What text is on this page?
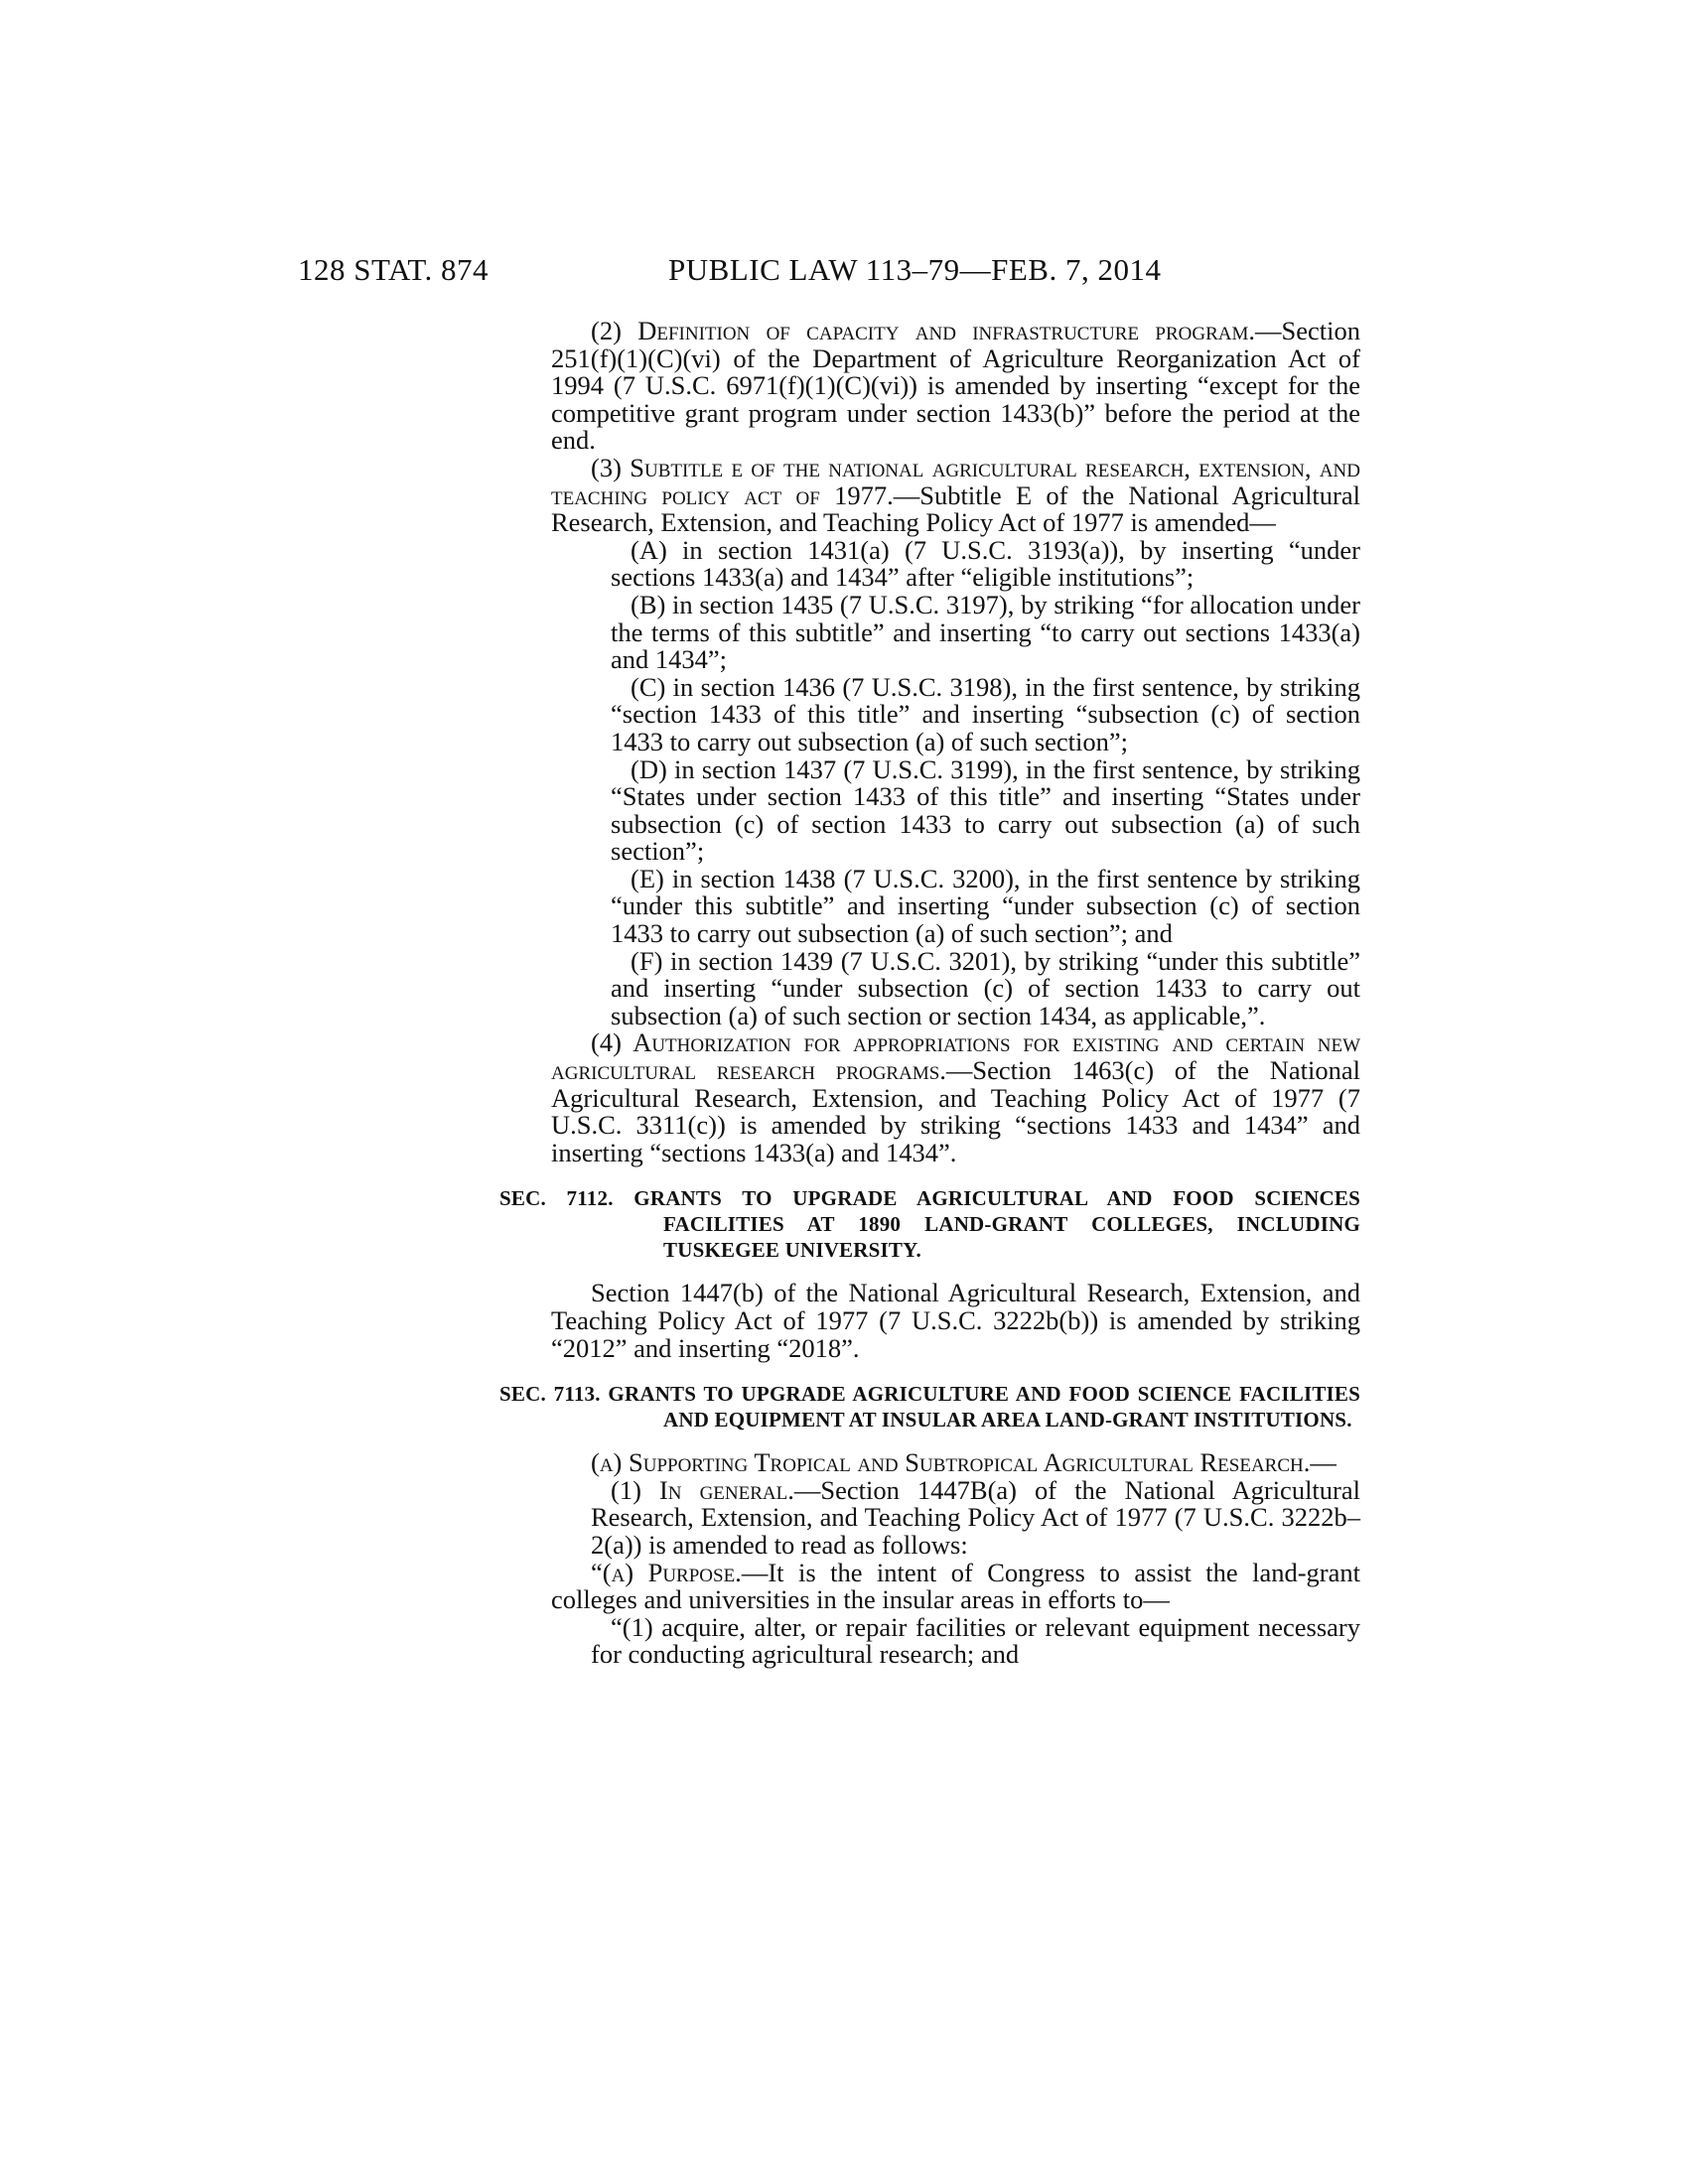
128 STAT. 874	PUBLIC LAW 113–79—FEB. 7, 2014

(2) Definition of capacity and infrastructure program.—Section 251(f)(1)(C)(vi) of the Department of Agriculture Reorganization Act of 1994 (7 U.S.C. 6971(f)(1)(C)(vi)) is amended by inserting “except for the competitive grant program under section 1433(b)” before the period at the end.

(3) Subtitle e of the national agricultural research, extension, and teaching policy act of 1977.—Subtitle E of the National Agricultural Research, Extension, and Teaching Policy Act of 1977 is amended—

(A) in section 1431(a) (7 U.S.C. 3193(a)), by inserting “under sections 1433(a) and 1434” after “eligible institutions”;

(B) in section 1435 (7 U.S.C. 3197), by striking “for allocation under the terms of this subtitle” and inserting “to carry out sections 1433(a) and 1434”;

(C) in section 1436 (7 U.S.C. 3198), in the first sentence, by striking “section 1433 of this title” and inserting “subsection (c) of section 1433 to carry out subsection (a) of such section”;

(D) in section 1437 (7 U.S.C. 3199), in the first sentence, by striking “States under section 1433 of this title” and inserting “States under subsection (c) of section 1433 to carry out subsection (a) of such section”;

(E) in section 1438 (7 U.S.C. 3200), in the first sentence by striking “under this subtitle” and inserting “under subsection (c) of section 1433 to carry out subsection (a) of such section”; and

(F) in section 1439 (7 U.S.C. 3201), by striking “under this subtitle” and inserting “under subsection (c) of section 1433 to carry out subsection (a) of such section or section 1434, as applicable,”.

(4) Authorization for appropriations for existing and certain new agricultural research programs.—Section 1463(c) of the National Agricultural Research, Extension, and Teaching Policy Act of 1977 (7 U.S.C. 3311(c)) is amended by striking “sections 1433 and 1434” and inserting “sections 1433(a) and 1434”.

SEC. 7112. GRANTS TO UPGRADE AGRICULTURAL AND FOOD SCIENCES FACILITIES AT 1890 LAND-GRANT COLLEGES, INCLUDING TUSKEGEE UNIVERSITY.

Section 1447(b) of the National Agricultural Research, Extension, and Teaching Policy Act of 1977 (7 U.S.C. 3222b(b)) is amended by striking “2012” and inserting “2018”.

SEC. 7113. GRANTS TO UPGRADE AGRICULTURE AND FOOD SCIENCE FACILITIES AND EQUIPMENT AT INSULAR AREA LAND-GRANT INSTITUTIONS.

(a) Supporting Tropical and Subtropical Agricultural Research.—

(1) In general.—Section 1447B(a) of the National Agricultural Research, Extension, and Teaching Policy Act of 1977 (7 U.S.C. 3222b–2(a)) is amended to read as follows:

“(a) Purpose.—It is the intent of Congress to assist the land-grant colleges and universities in the insular areas in efforts to—

“(1) acquire, alter, or repair facilities or relevant equipment necessary for conducting agricultural research; and
